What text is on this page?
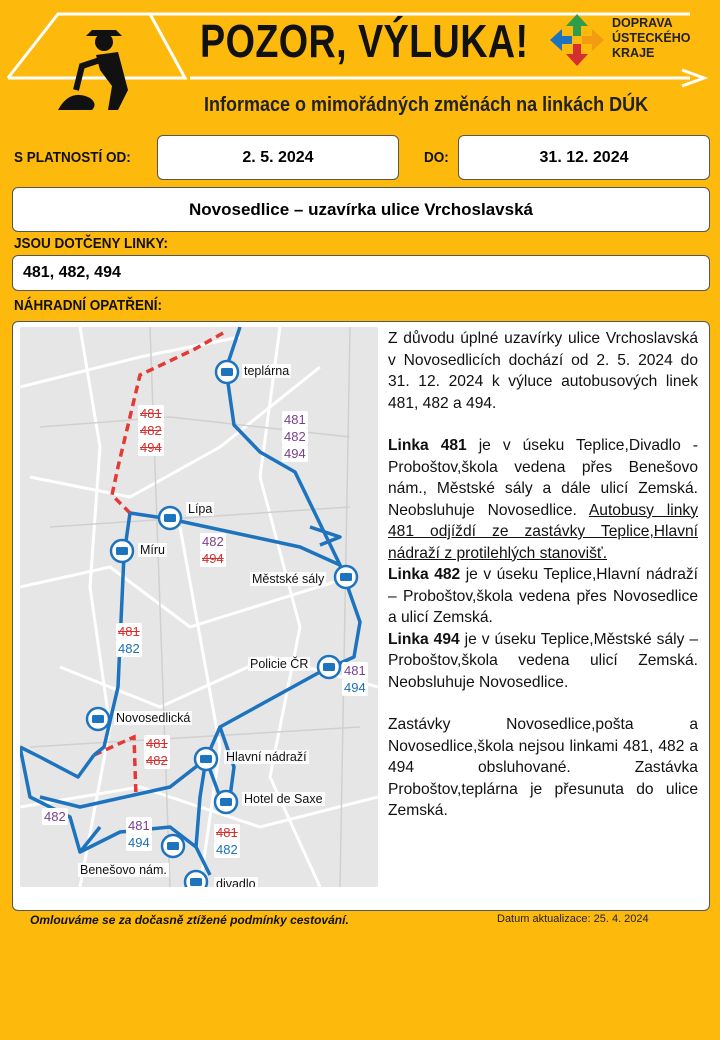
POZOR, VÝLUKA!
Informace o mimořádných změnách na linkách DÚK
DOPRAVA
ÚSTECKÉHO
KRAJE
S PLATNOSTÍ OD:	2. 5. 2024	DO:	31. 12. 2024
Novosedlice – uzavírka ulice Vrchoslavská
JSOU DOTČENY LINKY:
481, 482, 494
NÁHRADNÍ OPATŘENÍ:
teplárna
Lípa
Míru
Městské sály
Policie ČR
Novosedlická
Hlavní nádraží
Hotel de Saxe
Benešovo nám.
divadlo
481
482
494
481
482
494
482
494
481
482
481
494
481
482
482
481
494
481
482

Z důvodu úplné uzavírky ulice Vrchoslavská v Novosedlicích dochází od 2. 5. 2024 do 31. 12. 2024 k výluce autobusových linek 481, 482 a 494.

Linka 481 je v úseku Teplice,Divadlo - Proboštov,škola vedena přes Benešovo nám., Městské sály a dále ulicí Zemská. Neobsluhuje Novosedlice. Autobusy linky 481 odjíždí ze zastávky Teplice,Hlavní nádraží z protilehlých stanovišť.

Linka 482 je v úseku Teplice,Hlavní nádraží – Proboštov,škola vedena přes Novosedlice a ulicí Zemská.

Linka 494 je v úseku Teplice,Městské sály – Proboštov,škola vedena ulicí Zemská. Neobsluhuje Novosedlice.

Zastávky Novosedlice,pošta a Novosedlice,škola nejsou linkami 481, 482 a 494 obsluhované. Zastávka Proboštov,teplárna je přesunuta do ulice Zemská.

Omlouváme se za dočasně ztížené podmínky cestování.	Datum aktualizace: 25. 4. 2024
